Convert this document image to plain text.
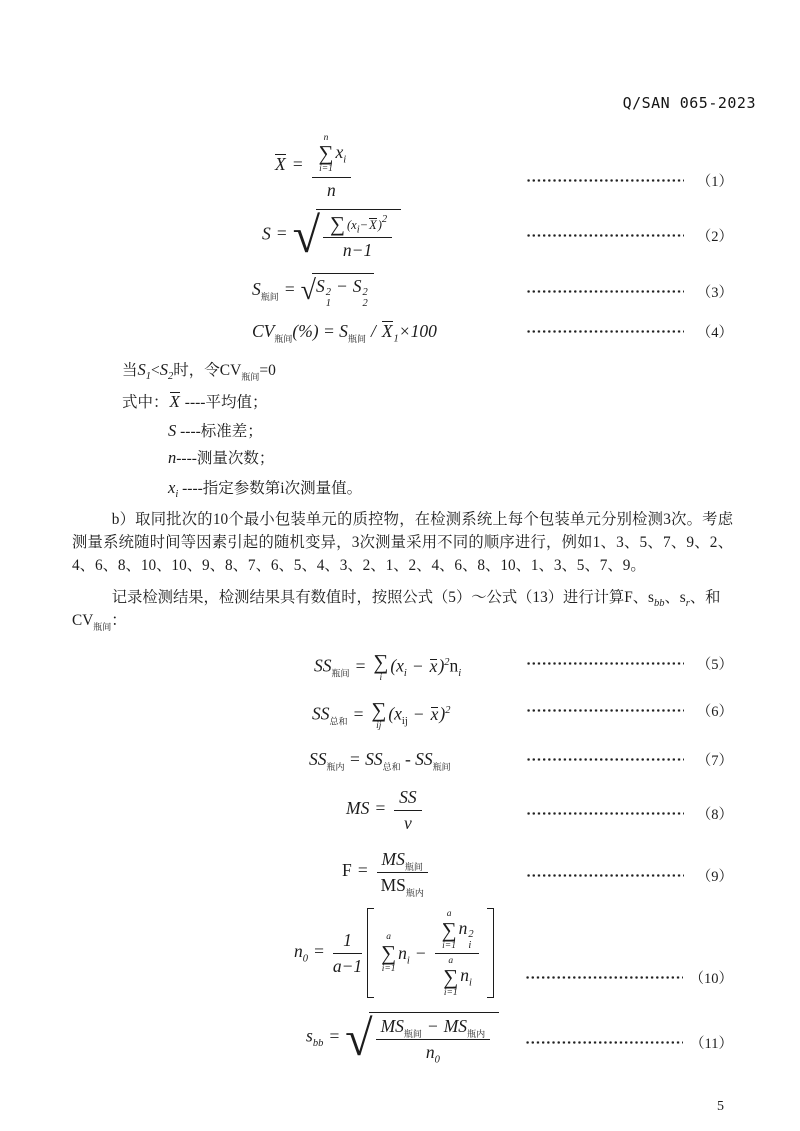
Q/SAN 065-2023
X = n
∑
i=1
$x_i$
n	（1）
S = √ $\frac{\sum (x_i-X)^2}{n-1}$	（2）
$S_{瓶间}$ = √ S 2
1
− S 2
2
（3）
$CV_{瓶间}(\%) = S_{瓶间} / X_1\times 100$	（4）
当$S_1<S_2$时，令$CV_{瓶间}=0$
式中：X ----平均值；
S ----标准差；
n----测量次数；
$x_i$ ----指定参数第i次测量值。
b）取同批次的10个最小包装单元的质控物，在检测系统上每个包装单元分别检测3次。考虑测量系统随时间等因素引起的随机变异，3次测量采用不同的顺序进行，例如1、3、5、7、9、2、4、6、8、10、10、9、8、7、6、5、4、3、2、1、2、4、6、8、10、1、3、5、7、9。
记录检测结果，检测结果具有数值时，按照公式（5）～公式（13）进行计算F、$s_{bb}$、$s_r$、和$CV_{瓶间}$：
$SS_{瓶间}$ = ∑
i
$(x_i - x)^2n_i$
（5）
$SS_{总和}$ = ∑
ij
$(x_{ij} - x)^2$	（6）
$SS_{瓶内} = SS_{总和} - SS_{瓶间}$	（7）
MS = $\frac{SS}{\nu}$	（8）
$F = \frac{MS_{瓶间}}{MS_{瓶内}}$	（9）
$n_0 = \frac{1}{a-1}$	a
∑
i=1
$n_i - a$
∑
i=1
n 2
i
a
∑
i=1
$n_i$	（10）
$s_{bb}$ = √ $\frac{MS_{瓶间} - MS_{瓶内}}{n_0}$	（11）
5
